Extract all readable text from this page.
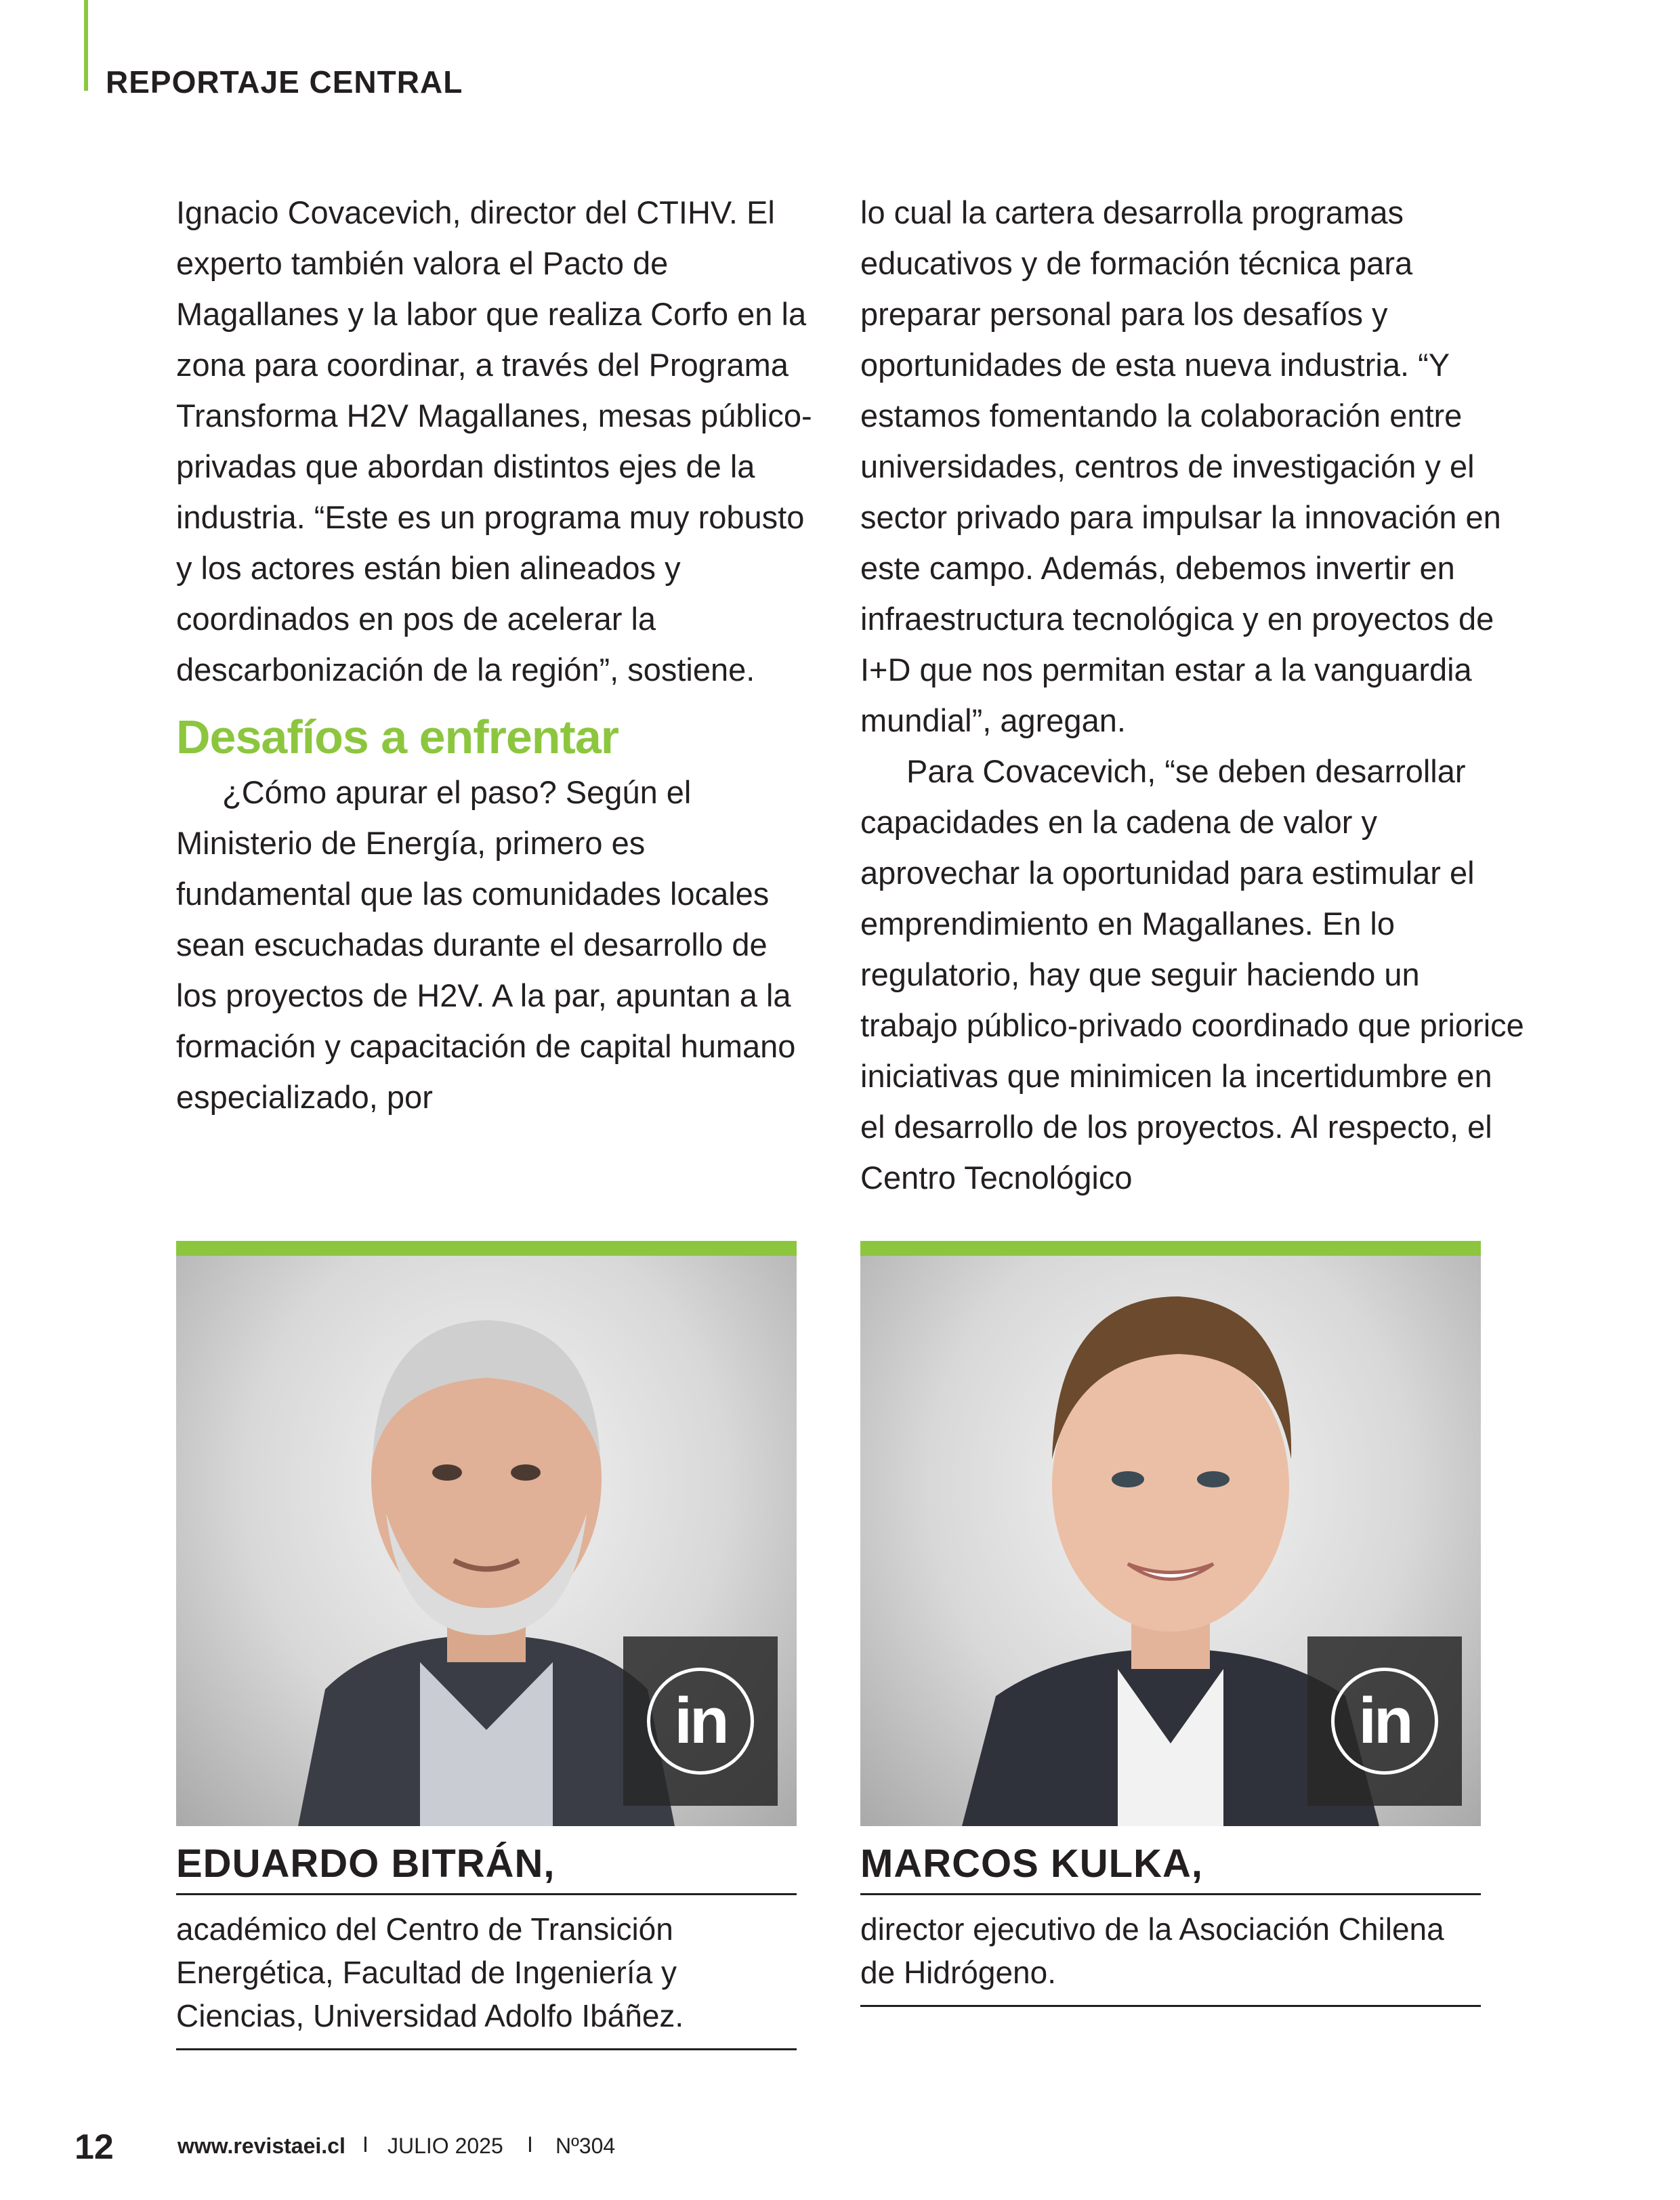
REPORTAJE CENTRAL

Ignacio Covacevich, director del CTIHV. El experto también valora el Pacto de Magallanes y la labor que realiza Corfo en la zona para coordinar, a través del Programa Transforma H2V Magallanes, mesas público- privadas que abordan distintos ejes de la industria. “Este es un programa muy robusto y los actores están bien alineados y coordinados en pos de acelerar la descarbonización de la región”, sostiene.

Desafíos a enfrentar

¿Cómo apurar el paso? Según el Ministerio de Energía, primero es fundamental que las comunidades locales sean escuchadas durante el desarrollo de los proyectos de H2V. A la par, apuntan a la formación y capacitación de capital humano especializado, por

lo cual la cartera desarrolla programas educativos y de formación técnica para preparar personal para los desafíos y oportunidades de esta nueva industria. “Y estamos fomentando la colaboración entre universidades, centros de investigación y el sector privado para impulsar la innovación en este campo. Además, debemos invertir en infraestructura tecnológica y en proyectos de I+D que nos permitan estar a la vanguardia mundial”, agregan.

Para Covacevich, “se deben desarrollar capacidades en la cadena de valor y aprovechar la oportunidad para estimular el emprendimiento en Magallanes. En lo regulatorio, hay que seguir haciendo un trabajo público-privado coordinado que priorice iniciativas que minimicen la incertidumbre en el desarrollo de los proyectos. Al respecto, el Centro Tecnológico

in
EDUARDO BITRÁN,
académico del Centro de Transición Energética, Facultad de Ingeniería y Ciencias, Universidad Adolfo Ibáñez.
in
MARCOS KULKA,
director ejecutivo de la Asociación Chilena de Hidrógeno.
12	www.revistaei.cl I JULIO 2025 I Nº304
